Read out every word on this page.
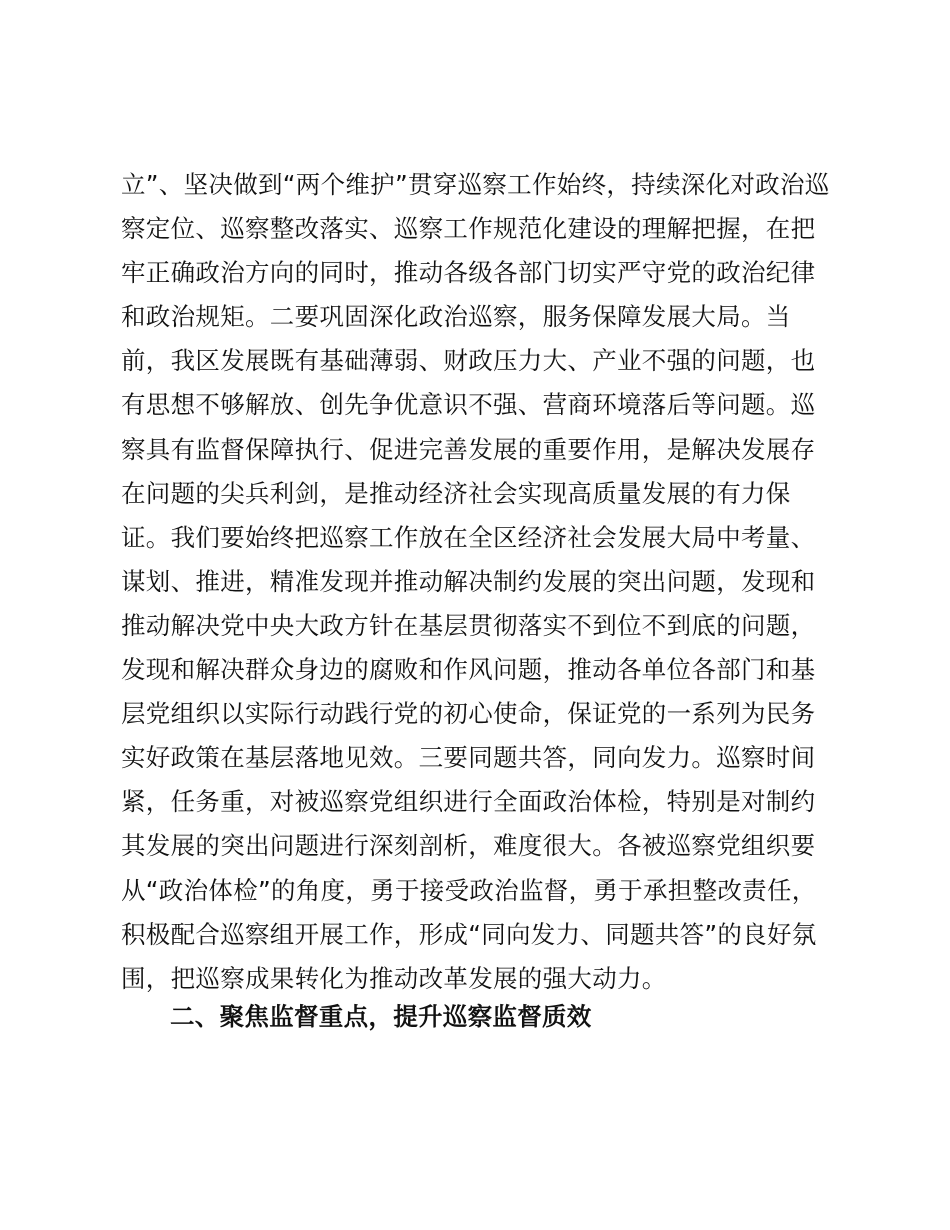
立”、坚决做到“两个维护”贯穿巡察工作始终，持续深化对政治巡
察定位、巡察整改落实、巡察工作规范化建设的理解把握，在把
牢正确政治方向的同时，推动各级各部门切实严守党的政治纪律
和政治规矩。二要巩固深化政治巡察，服务保障发展大局。当
前，我区发展既有基础薄弱、财政压力大、产业不强的问题，也
有思想不够解放、创先争优意识不强、营商环境落后等问题。巡
察具有监督保障执行、促进完善发展的重要作用，是解决发展存
在问题的尖兵利剑，是推动经济社会实现高质量发展的有力保
证。我们要始终把巡察工作放在全区经济社会发展大局中考量、
谋划、推进，精准发现并推动解决制约发展的突出问题，发现和
推动解决党中央大政方针在基层贯彻落实不到位不到底的问题，
发现和解决群众身边的腐败和作风问题，推动各单位各部门和基
层党组织以实际行动践行党的初心使命，保证党的一系列为民务
实好政策在基层落地见效。三要同题共答，同向发力。巡察时间
紧，任务重，对被巡察党组织进行全面政治体检，特别是对制约
其发展的突出问题进行深刻剖析，难度很大。各被巡察党组织要
从“政治体检”的角度，勇于接受政治监督，勇于承担整改责任，
积极配合巡察组开展工作，形成“同向发力、同题共答”的良好氛
围，把巡察成果转化为推动改革发展的强大动力。
二、聚焦监督重点，提升巡察监督质效
